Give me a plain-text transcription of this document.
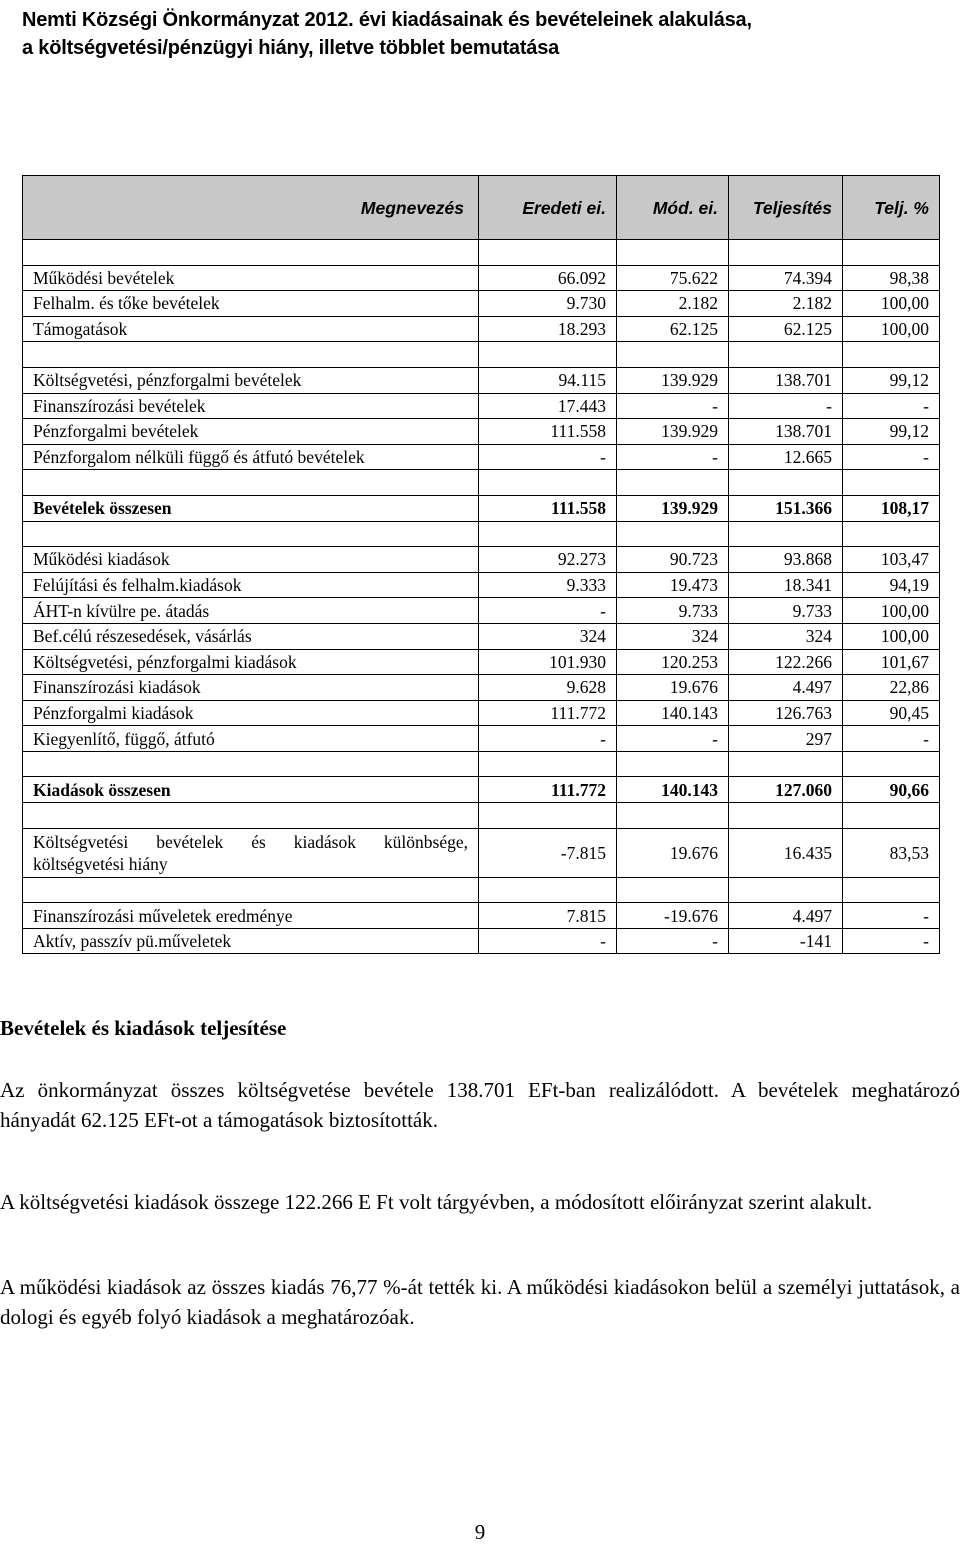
Nemti Községi Önkormányzat 2012. évi kiadásainak és bevételeinek alakulása,
a költségvetési/pénzügyi hiány, illetve többlet bemutatása
Megnevezés	Eredeti ei.	Mód. ei.	Teljesítés	Telj. %

Működési bevételek	66.092	75.622	74.394	98,38
Felhalm. és tőke bevételek	9.730	2.182	2.182	100,00
Támogatások	18.293	62.125	62.125	100,00

Költségvetési, pénzforgalmi bevételek	94.115	139.929	138.701	99,12
Finanszírozási bevételek	17.443	-	-	-
Pénzforgalmi bevételek	111.558	139.929	138.701	99,12
Pénzforgalom nélküli függő és átfutó bevételek	-	-	12.665	-

Bevételek összesen	111.558	139.929	151.366	108,17

Működési kiadások	92.273	90.723	93.868	103,47
Felújítási és felhalm.kiadások	9.333	19.473	18.341	94,19
ÁHT-n kívülre pe. átadás	-	9.733	9.733	100,00
Bef.célú részesedések, vásárlás	324	324	324	100,00
Költségvetési, pénzforgalmi kiadások	101.930	120.253	122.266	101,67
Finanszírozási kiadások	9.628	19.676	4.497	22,86
Pénzforgalmi kiadások	111.772	140.143	126.763	90,45
Kiegyenlítő, függő, átfutó	-	-	297	-

Kiadások összesen	111.772	140.143	127.060	90,66

Költségvetési bevételek és kiadások különbsége, költségvetési hiány	-7.815	19.676	16.435	83,53

Finanszírozási műveletek eredménye	7.815	-19.676	4.497	-
Aktív, passzív pü.műveletek	-	-	-141	-
Bevételek és kiadások teljesítése
Az önkormányzat összes költségvetése bevétele 138.701 EFt-ban realizálódott. A bevételek meghatározó hányadát 62.125 EFt-ot a támogatások biztosították.
A költségvetési kiadások összege 122.266 E Ft volt tárgyévben, a módosított előirányzat szerint alakult.
A működési kiadások az összes kiadás 76,77 %-át tették ki. A működési kiadásokon belül a személyi juttatások, a dologi és egyéb folyó kiadások a meghatározóak.
9
